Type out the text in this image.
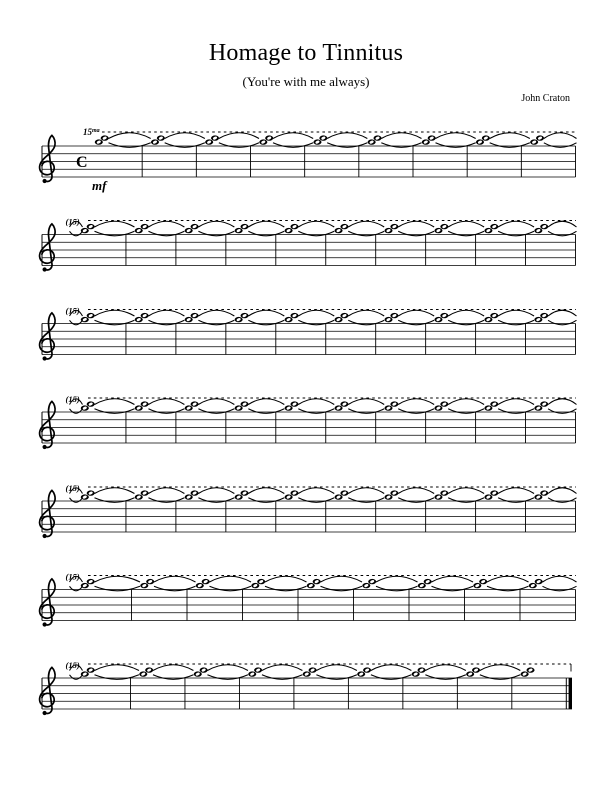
Homage to Tinnitus
(You're with me always)
John Craton
C
$15^{ma}$
mf
(15)
(15)
(15)
(15)
(15)
(15)
